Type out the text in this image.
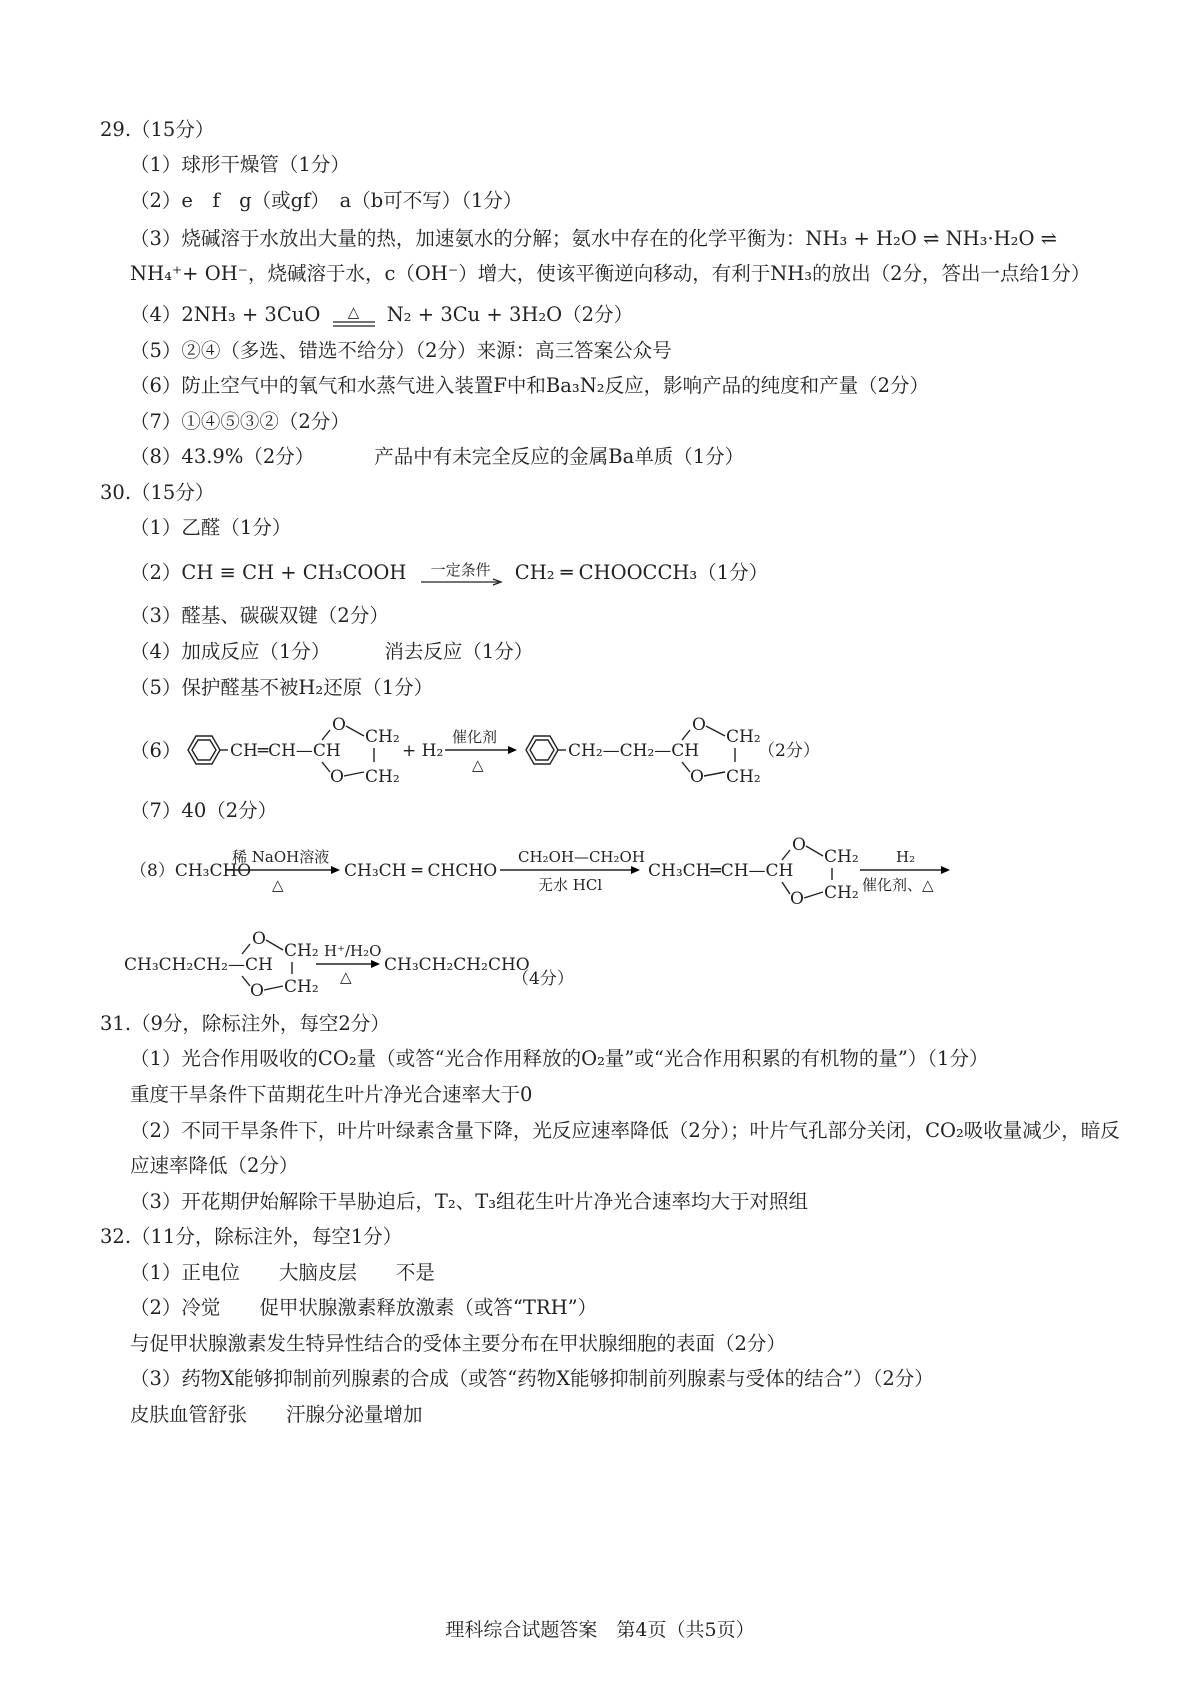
29.（15分）
（1）球形干燥管（1分）
（2）e　f　g（或gf）　a（b可不写）（1分）
（3）烧碱溶于水放出大量的热，加速氨水的分解；氨水中存在的化学平衡为：NH₃ + H₂O ⇌ NH₃·H₂O ⇌
NH₄⁺+ OH⁻，烧碱溶于水，c（OH⁻）增大，使该平衡逆向移动，有利于NH₃的放出（2分，答出一点给1分）
（4）2NH₃ + 3CuO	△	N₂ + 3Cu + 3H₂O（2分）
（5）②④（多选、错选不给分）（2分）来源：高三答案公众号
（6）防止空气中的氧气和水蒸气进入装置F中和Ba₃N₂反应，影响产品的纯度和产量（2分）
（7）①④⑤③②（2分）
（8）43.9%（2分）	产品中有未完全反应的金属Ba单质（1分）
30.（15分）
（1）乙醛（1分）
（2）CH ≡ CH + CH₃COOH	一定条件	CH₂ ═ CHOOCCH₃（1分）
（3）醛基、碳碳双键（2分）
（4）加成反应（1分）	消去反应（1分）
（5）保护醛基不被H₂还原（1分）
（6）	CH═CH—CH
O
O
CH₂
CH₂
+ H₂
催化剂
△
CH₂—CH₂—CH
O
O
CH₂
CH₂
（2分）
（7）40（2分）
（8）CH₃CHO
稀 NaOH溶液
△
CH₃CH ═ CHCHO
CH₂OH—CH₂OH
无水 HCl
CH₃CH═CH—CH
O
O
CH₂
CH₂
H₂
催化剂、△
CH₃CH₂CH₂—CH
O
O
CH₂
CH₂
H⁺/H₂O
△
CH₃CH₂CH₂CHO
（4分）
31.（9分，除标注外，每空2分）
（1）光合作用吸收的CO₂量（或答“光合作用释放的O₂量”或“光合作用积累的有机物的量”）（1分）
重度干旱条件下苗期花生叶片净光合速率大于0
（2）不同干旱条件下，叶片叶绿素含量下降，光反应速率降低（2分）；叶片气孔部分关闭，CO₂吸收量减少，暗反
应速率降低（2分）
（3）开花期伊始解除干旱胁迫后，T₂、T₃组花生叶片净光合速率均大于对照组
32.（11分，除标注外，每空1分）
（1）正电位　　大脑皮层　　不是
（2）冷觉　　促甲状腺激素释放激素（或答“TRH”）
与促甲状腺激素发生特异性结合的受体主要分布在甲状腺细胞的表面（2分）
（3）药物X能够抑制前列腺素的合成（或答“药物X能够抑制前列腺素与受体的结合”）（2分）
皮肤血管舒张　　汗腺分泌量增加
理科综合试题答案　第4页（共5页）
